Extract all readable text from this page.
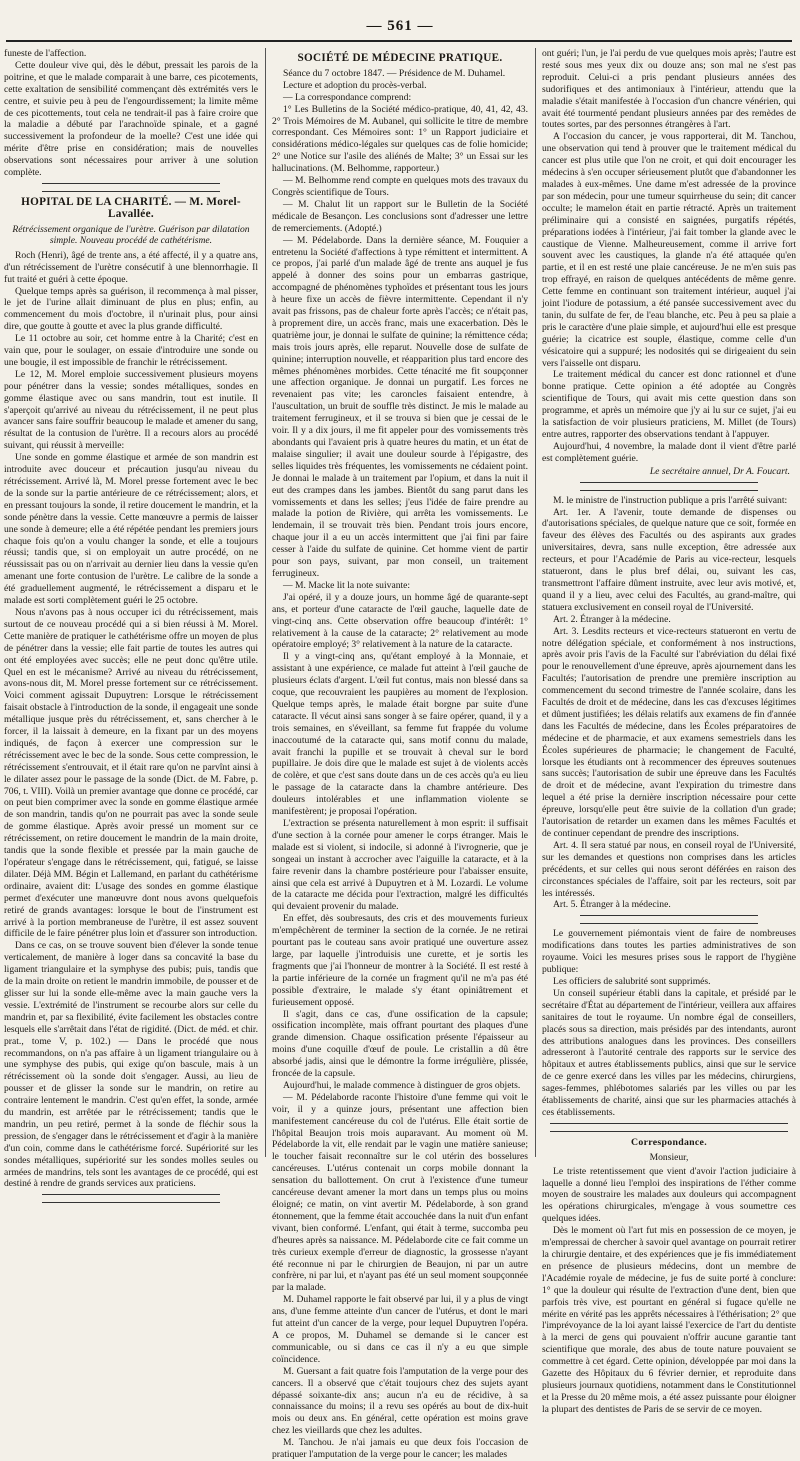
— 561 —

funeste de l'affection.

Cette douleur vive qui, dès le début, pressait les parois de la poitrine, et que le malade comparait à une barre, ces picotements, cette exaltation de sensibilité commençant dès extrémités vers le centre, et suivie peu à peu de l'engourdissement; la limite même de ces picottements, tout cela ne tendrait-il pas à faire croire que la maladie a débuté par l'arachnoïde spinale, et a gagné successivement la profondeur de la moelle? C'est une idée qui mérite d'être prise en considération; mais de nouvelles observations sont nécessaires pour arriver à une solution complète.

HOPITAL DE LA CHARITÉ. — M. Morel-Lavallée.
Rétrécissement organique de l'urètre. Guérison par dilatation simple. Nouveau procédé de cathétérisme.

Roch (Henri), âgé de trente ans, a été affecté, il y a quatre ans, d'un rétrécissement de l'urètre consécutif à une blennorrhagie. Il fut traité et guéri à cette époque.

Quelque temps après sa guérison, il recommença à mal pisser, le jet de l'urine allait diminuant de plus en plus; enfin, au commencement du mois d'octobre, il n'urinait plus, pour ainsi dire, que goutte à goutte et avec la plus grande difficulté.

Le 11 octobre au soir, cet homme entre à la Charité; c'est en vain que, pour le soulager, on essaie d'introduire une sonde ou une bougie, il est impossible de franchir le rétrécissement.

Le 12, M. Morel emploie successivement plusieurs moyens pour pénétrer dans la vessie; sondes métalliques, sondes en gomme élastique avec ou sans mandrin, tout est inutile. Il s'aperçoit qu'arrivé au niveau du rétrécissement, il ne peut plus avancer sans faire souffrir beaucoup le malade et amener du sang, résultat de la contusion de l'urètre. Il a recours alors au procédé suivant, qui réussit à merveille:

Une sonde en gomme élastique et armée de son mandrin est introduite avec douceur et précaution jusqu'au niveau du rétrécissement. Arrivé là, M. Morel presse fortement avec le bec de la sonde sur la partie antérieure de ce rétrécissement; alors, et en pressant toujours la sonde, il retire doucement le mandrin, et la sonde pénètre dans la vessie. Cette manœuvre a permis de laisser une sonde à demeure; elle a été répétée pendant les premiers jours chaque fois qu'on a voulu changer la sonde, et elle a toujours réussi; tandis que, si on employait un autre procédé, on ne réussissait pas ou on n'arrivait au dernier lieu dans la vessie qu'en amenant une forte contusion de l'urètre. Le calibre de la sonde a été graduellement augmenté, le rétrécissement a disparu et le malade est sorti complètement guéri le 25 octobre.

Nous n'avons pas à nous occuper ici du rétrécissement, mais surtout de ce nouveau procédé qui a si bien réussi à M. Morel. Cette manière de pratiquer le cathétérisme offre un moyen de plus de pénétrer dans la vessie; elle fait partie de toutes les autres qui ont été employées avec succès; elle ne peut donc qu'être utile. Quel en est le mécanisme? Arrivé au niveau du rétrécissement, avons-nous dit, M. Morel presse fortement sur ce rétrécissement. Voici comment agissait Dupuytren: Lorsque le rétrécissement faisait obstacle à l'introduction de la sonde, il engageait une sonde métallique jusque près du rétrécissement, et, sans chercher à le forcer, il la laissait à demeure, en la fixant par un des moyens indiqués, de façon à exercer une compression sur le rétrécissement avec le bec de la sonde. Sous cette compression, le rétrécissement s'entrouvait, et il était rare qu'on ne parvînt ainsi à le dilater assez pour le passage de la sonde (Dict. de M. Fabre, p. 706, t. VIII). Voilà un premier avantage que donne ce procédé, car on peut bien comprimer avec la sonde en gomme élastique armée de son mandrin, tandis qu'on ne pourrait pas avec la sonde seule de gomme élastique. Après avoir pressé un moment sur ce rétrécissement, on retire doucement le mandrin de la main droite, tandis que la sonde flexible et pressée par la main gauche de l'opérateur s'engage dans le rétrécissement, qui, fatigué, se laisse dilater. Déjà MM. Bégin et Lallemand, en parlant du cathétérisme ordinaire, avaient dit: L'usage des sondes en gomme élastique permet d'exécuter une manœuvre dont nous avons quelquefois retiré de grands avantages: lorsque le bout de l'instrument est arrivé à la portion membraneuse de l'urètre, il est assez souvent difficile de le faire pénétrer plus loin et d'assurer son introduction.

Dans ce cas, on se trouve souvent bien d'élever la sonde tenue verticalement, de manière à loger dans sa concavité la base du ligament triangulaire et la symphyse des pubis; puis, tandis que de la main droite on retient le mandrin immobile, de pousser et de glisser sur lui la sonde elle-même avec la main gauche vers la vessie. L'extrémité de l'instrument se recourbe alors sur celle du mandrin et, par sa flexibilité, évite facilement les obstacles contre lesquels elle s'arrêtait dans l'état de rigidité. (Dict. de méd. et chir. prat., tome V, p. 102.) — Dans le procédé que nous recommandons, on n'a pas affaire à un ligament triangulaire ou à une symphyse des pubis, qui exige qu'on bascule, mais à un rétrécissement où la sonde doit s'engager. Aussi, au lieu de pousser et de glisser la sonde sur le mandrin, on retire au contraire lentement le mandrin. C'est qu'en effet, la sonde, armée du mandrin, est arrêtée par le rétrécissement; tandis que le mandrin, un peu retiré, permet à la sonde de fléchir sous la pression, de s'engager dans le rétrécissement et d'agir à la manière d'un coin, comme dans le cathétérisme forcé. Supériorité sur les sondes métalliques, supériorité sur les sondes molles seules ou armées de mandrins, tels sont les avantages de ce procédé, qui est destiné à rendre de grands services aux praticiens.

SOCIÉTÉ DE MÉDECINE PRATIQUE.

Séance du 7 octobre 1847. — Présidence de M. Duhamel.

Lecture et adoption du procès-verbal.

— La correspondance comprend:

1° Les Bulletins de la Société médico-pratique, 40, 41, 42, 43. 2° Trois Mémoires de M. Aubanel, qui sollicite le titre de membre correspondant. Ces Mémoires sont: 1° un Rapport judiciaire et considérations médico-légales sur quelques cas de folie homicide; 2° une Notice sur l'asile des aliénés de Malte; 3° un Essai sur les hallucinations. (M. Belhomme, rapporteur.)

— M. Belhomme rend compte en quelques mots des travaux du Congrès scientifique de Tours.

— M. Chalut lit un rapport sur le Bulletin de la Société médicale de Besançon. Les conclusions sont d'adresser une lettre de remerciements. (Adopté.)

— M. Pédelaborde. Dans la dernière séance, M. Fouquier a entretenu la Société d'affections à type rémittent et intermittent. A ce propos, j'ai parlé d'un malade âgé de trente ans auquel je fus appelé à donner des soins pour un embarras gastrique, accompagné de phénomènes typhoïdes et présentant tous les jours à heure fixe un accès de fièvre intermittente. Cependant il n'y avait pas frissons, pas de chaleur forte après l'accès; ce n'était pas, à proprement dire, un accès franc, mais une exacerbation. Dès le quatrième jour, je donnai le sulfate de quinine; la rémittence céda; mais trois jours après, elle reparut. Nouvelle dose de sulfate de quinine; interruption nouvelle, et réapparition plus tard encore des mêmes phénomènes morbides. Cette ténacité me fit soupçonner une affection organique. Je donnai un purgatif. Les forces ne revenaient pas vite; les caroncles faisaient entendre, à l'auscultation, un bruit de souffle très distinct. Je mis le malade au traitement ferrugineux, et il se trouva si bien que je cessai de le voir. Il y a dix jours, il me fit appeler pour des vomissements très abondants qui l'avaient pris à quatre heures du matin, et un état de malaise singulier; il avait une douleur sourde à l'épigastre, des selles liquides très fréquentes, les vomissements ne cédaient point. Je donnai le malade à un traitement par l'opium, et dans la nuit il eut des crampes dans les jambes. Bientôt du sang parut dans les vomissements et dans les selles; j'eus l'idée de faire prendre au malade la potion de Rivière, qui arrêta les vomissements. Le lendemain, il se trouvait très bien. Pendant trois jours encore, chaque jour il a eu un accès intermittent que j'ai fini par faire cesser à l'aide du sulfate de quinine. Cet homme vient de partir pour son pays, suivant, par mon conseil, un traitement ferrugineux.

— M. Macke lit la note suivante:

J'ai opéré, il y a douze jours, un homme âgé de quarante-sept ans, et porteur d'une cataracte de l'œil gauche, laquelle date de vingt-cinq ans. Cette observation offre beaucoup d'intérêt: 1° relativement à la cause de la cataracte; 2° relativement au mode opératoire employé; 3° relativement à la nature de la cataracte.

Il y a vingt-cinq ans, qu'étant employé à la Monnaie, et assistant à une expérience, ce malade fut atteint à l'œil gauche de plusieurs éclats d'argent. L'œil fut contus, mais non blessé dans sa coque, que recouvraient les paupières au moment de l'explosion. Quelque temps après, le malade était borgne par suite d'une cataracte. Il vécut ainsi sans songer à se faire opérer, quand, il y a trois semaines, en s'éveillant, sa femme fut frappée du volume inaccoutumé de la cataracte qui, sans motif connu du malade, avait franchi la pupille et se trouvait à cheval sur le bord pupillaire. Je dois dire que le malade est sujet à de violents accès de colère, et que c'est sans doute dans un de ces accès qu'a eu lieu le passage de la cataracte dans la chambre antérieure. Des douleurs intolérables et une inflammation violente se manifestèrent; je proposai l'opération.

L'extraction se présenta naturellement à mon esprit: il suffisait d'une section à la cornée pour amener le corps étranger. Mais le malade est si violent, si indocile, si adonné à l'ivrognerie, que je songeai un instant à accrocher avec l'aiguille la cataracte, et à la faire revenir dans la chambre postérieure pour l'abaisser ensuite, ainsi que cela est arrivé à Dupuytren et à M. Lozardi. Le volume de la cataracte me décida pour l'extraction, malgré les difficultés qui devaient provenir du malade.

En effet, dès soubresauts, des cris et des mouvements furieux m'empêchèrent de terminer la section de la cornée. Je ne retirai pourtant pas le couteau sans avoir pratiqué une ouverture assez large, par laquelle j'introduisis une curette, et je sortis les fragments que j'ai l'honneur de montrer à la Société. Il est resté à la partie inférieure de la cornée un fragment qu'il ne m'a pas été possible d'extraire, le malade s'y étant opiniâtrement et furieusement opposé.

Il s'agit, dans ce cas, d'une ossification de la capsule; ossification incomplète, mais offrant pourtant des plaques d'une grande dimension. Chaque ossification présente l'épaisseur au moins d'une coquille d'œuf de poule. Le cristallin a dû être absorbé jadis, ainsi que le démontre la forme irrégulière, plissée, froncée de la capsule.

Aujourd'hui, le malade commence à distinguer de gros objets.

— M. Pédelaborde raconte l'histoire d'une femme qui voit le voir, il y a quinze jours, présentant une affection bien manifestement cancéreuse du col de l'utérus. Elle était sortie de l'hôpital Beaujon trois mois auparavant. Au moment où M. Pédelaborde la vit, elle rendait par le vagin une matière sanieuse; le toucher faisait reconnaître sur le col utérin des bosselures cancéreuses. L'utérus contenait un corps mobile donnant la sensation du ballottement. On crut à l'existence d'une tumeur cancéreuse devant amener la mort dans un temps plus ou moins éloigné; ce matin, on vint avertir M. Pédelaborde, à son grand étonnement, que la femme était accouchée dans la nuit d'un enfant vivant, bien conformé. L'enfant, qui était à terme, succomba peu d'heures après sa naissance. M. Pédelaborde cite ce fait comme un très curieux exemple d'erreur de diagnostic, la grossesse n'ayant été reconnue ni par le chirurgien de Beaujon, ni par un autre confrère, ni par lui, et n'ayant pas été un seul moment soupçonnée par la malade.

M. Duhamel rapporte le fait observé par lui, il y a plus de vingt ans, d'une femme atteinte d'un cancer de l'utérus, et dont le mari fut atteint d'un cancer de la verge, pour lequel Dupuytren l'opéra. A ce propos, M. Duhamel se demande si le cancer est communicable, ou si dans ce cas il n'y a eu que simple coïncidence.

M. Guersant a fait quatre fois l'amputation de la verge pour des cancers. Il a observé que c'était toujours chez des sujets ayant dépassé soixante-dix ans; aucun n'a eu de récidive, à sa connaissance du moins; il a revu ses opérés au bout de dix-huit mois ou deux ans. En général, cette opération est moins grave chez les vieillards que chez les adultes.

M. Tanchou. Je n'ai jamais eu que deux fois l'occasion de pratiquer l'amputation de la verge pour le cancer; les malades

ont guéri; l'un, je l'ai perdu de vue quelques mois après; l'autre est resté sous mes yeux dix ou douze ans; son mal ne s'est pas reproduit. Celui-ci a pris pendant plusieurs années des sudorifiques et des antimoniaux à l'intérieur, attendu que la maladie s'était manifestée à l'occasion d'un chancre vénérien, qui avait été tourmenté pendant plusieurs années par des remèdes de toutes sortes, par des personnes étrangères à l'art.

A l'occasion du cancer, je vous rapporterai, dit M. Tanchou, une observation qui tend à prouver que le traitement médical du cancer est plus utile que l'on ne croit, et qui doit encourager les médecins à s'en occuper sérieusement plutôt que d'abandonner les malades à eux-mêmes. Une dame m'est adressée de la province par son médecin, pour une tumeur squirrheuse du sein; dit cancer occulte; le mamelon était en partie rétracté. Après un traitement préliminaire qui a consisté en saignées, purgatifs répétés, préparations iodées à l'intérieur, j'ai fait tomber la glande avec le caustique de Vienne. Malheureusement, comme il arrive fort souvent avec les caustiques, la glande n'a été attaquée qu'en partie, et il en est resté une plaie cancéreuse. Je ne m'en suis pas trop effrayé, en raison de quelques antécédents de même genre. Cette femme en continuant son traitement intérieur, auquel j'ai joint l'iodure de potassium, a été pansée successivement avec du tanin, du sulfate de fer, de l'eau blanche, etc. Peu à peu sa plaie a pris le caractère d'une plaie simple, et aujourd'hui elle est presque guérie; la cicatrice est souple, élastique, comme celle d'un vésicatoire qui a suppuré; les nodosités qui se dirigeaient du sein vers l'aisselle ont disparu.

Le traitement médical du cancer est donc rationnel et d'une bonne pratique. Cette opinion a été adoptée au Congrès scientifique de Tours, qui avait mis cette question dans son programme, et après un mémoire que j'y ai lu sur ce sujet, j'ai eu la satisfaction de voir plusieurs praticiens, M. Millet (de Tours) entre autres, rapporter des observations tendant à l'appuyer.

Aujourd'hui, 4 novembre, la malade dont il vient d'être parlé est complètement guérie.

Le secrétaire annuel, Dr A. Foucart.

M. le ministre de l'instruction publique a pris l'arrêté suivant:

Art. 1er. A l'avenir, toute demande de dispenses ou d'autorisations spéciales, de quelque nature que ce soit, formée en faveur des élèves des Facultés ou des aspirants aux grades universitaires, devra, sans nulle exception, être adressée aux recteurs, et pour l'Académie de Paris au vice-recteur, lesquels statueront, dans le plus bref délai, ou, suivant les cas, transmettront l'affaire dûment instruite, avec leur avis motivé, et, quand il y a lieu, avec celui des Facultés, au grand-maître, qui statuera exclusivement en conseil royal de l'Université.

Art. 2. Étranger à la médecine.

Art. 3. Lesdits recteurs et vice-recteurs statueront en vertu de notre délégation spéciale, et conformément à nos instructions, après avoir pris l'avis de la Faculté sur l'abréviation du délai fixé pour le renouvellement d'une épreuve, après ajournement dans les Facultés; l'autorisation de prendre une première inscription au commencement du second trimestre de l'année scolaire, dans les Facultés de droit et de médecine, dans les cas d'excuses légitimes et dûment justifiées; les délais relatifs aux examens de fin d'année dans les Facultés de médecine, dans les Écoles préparatoires de médecine et de pharmacie, et aux examens semestriels dans les Écoles supérieures de pharmacie; le changement de Faculté, lorsque les étudiants ont à recommencer des épreuves soutenues sans succès; l'autorisation de subir une épreuve dans les Facultés de droit et de médecine, avant l'expiration du trimestre dans lequel a été prise la dernière inscription nécessaire pour cette épreuve, lorsqu'elle peut être suivie de la collation d'un grade; l'autorisation de retarder un examen dans les mêmes Facultés et de continuer cependant de prendre des inscriptions.

Art. 4. Il sera statué par nous, en conseil royal de l'Université, sur les demandes et questions non comprises dans les articles précédents, et sur celles qui nous seront déférées en raison des circonstances spéciales de l'affaire, soit par les recteurs, soit par les intéressés.

Art. 5. Étranger à la médecine.

Le gouvernement piémontais vient de faire de nombreuses modifications dans toutes les parties administratives de son royaume. Voici les mesures prises sous le rapport de l'hygiène publique:

Les officiers de salubrité sont supprimés.

Un conseil supérieur établi dans la capitale, et présidé par le secrétaire d'État au département de l'intérieur, veillera aux affaires sanitaires de tout le royaume. Un nombre égal de conseillers, placés sous sa direction, mais présidés par des intendants, auront des attributions analogues dans les provinces. Des conseillers adresseront à l'autorité centrale des rapports sur le service des hôpitaux et autres établissements publics, ainsi que sur le service de ce genre exercé dans les villes par les médecins, chirurgiens, sages-femmes, phlébotomes salariés par les villes ou par les établissements de charité, ainsi que sur les pharmacies attachés à ces établissements.

Correspondance.
Monsieur,

Le triste retentissement que vient d'avoir l'action judiciaire à laquelle a donné lieu l'emploi des inspirations de l'éther comme moyen de soustraire les malades aux douleurs qui accompagnent les opérations chirurgicales, m'engage à vous soumettre ces quelques idées.

Dès le moment où l'art fut mis en possession de ce moyen, je m'empressai de chercher à savoir quel avantage on pourrait retirer la chirurgie dentaire, et des expériences que je fis immédiatement en présence de plusieurs médecins, dont un membre de l'Académie royale de médecine, je fus de suite porté à conclure: 1° que la douleur qui résulte de l'extraction d'une dent, bien que parfois très vive, est pourtant en général si fugace qu'elle ne mérite en vérité pas les apprêts nécessaires à l'éthérisation; 2° que l'imprévoyance de la loi ayant laissé l'exercice de l'art du dentiste à la merci de gens qui pouvaient n'offrir aucune garantie tant scientifique que morale, des abus de toute nature pouvaient se commettre à cet égard. Cette opinion, développée par moi dans la Gazette des Hôpitaux du 6 février dernier, et reproduite dans plusieurs journaux quotidiens, notamment dans le Constitutionnel et la Presse du 20 même mois, a été assez puissante pour éloigner la plupart des dentistes de Paris de se servir de ce moyen.
